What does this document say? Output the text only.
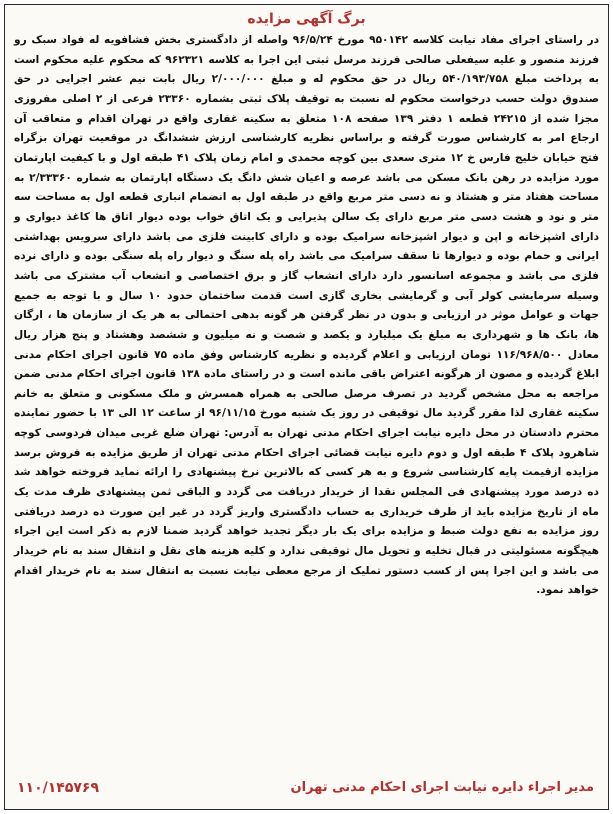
برگ آگهی مزایده

در راستای اجرای مفاد نیابت کلاسه ۹۵۰۱۴۲ مورخ ۹۶/۵/۲۴ واصله از دادگستری بخش فشافویه له فواد سبک رو فرزند منصور و علیه سیفعلی صالحی فرزند مرسل ثبتی این اجرا به کلاسه ۹۶۲۳۲۱ که محکوم علیه محکوم است به پرداخت مبلغ ۵۴۰/۱۹۳/۷۵۸ ریال در حق محکوم له و مبلغ ۲/۰۰۰/۰۰۰ ریال بابت نیم عشر اجرایی در حق صندوق دولت حسب درخواست محکوم له نسبت به توقیف پلاک ثبتی بشماره ۲۳۳۶۰ فرعی از ۲ اصلی مفروزی مجزا شده از ۲۴۲۱۵ قطعه ۱ دفتر ۱۳۹ صفحه ۱۰۸ متعلق به سکینه غفاری واقع در تهران اقدام و متعاقب آن ارجاع امر به کارشناس صورت گرفته و براساس نظریه کارشناسی ارزش ششدانگ در موقعیت تهران بزگراه فتح خیابان خلیج فارس خ ۱۲ متری سعدی بین کوچه محمدی و امام زمان پلاک ۴۱ طبقه اول و با کیفیت اپارتمان مورد مزایده در رهن بانک مسکن می باشد عرصه و اعیان شش دانگ یک دستگاه اپارتمان به شماره ۲/۳۳۳۶۰ به مساحت هفتاد متر و هشتاد و نه دسی متر مربع واقع در طبقه اول به انضمام انباری قطعه اول به مساحت سه متر و نود و هشت دسی متر مربع دارای یک سالن پذیرایی و یک اتاق خواب بوده دیوار اتاق ها کاغذ دیواری و دارای اشپزخانه و اپن و دیوار اشپزخانه سرامیک بوده و دارای کابینت فلزی می باشد دارای سرویس بهداشتی ایرانی و حمام بوده و دیوارها تا سقف سرامیک می باشد راه پله سنگ و دیوار راه پله سنگی بوده و دارای نرده فلزی می باشد و مجموعه اسانسور دارد دارای انشعاب گاز و برق اختصاصی و انشعاب آب مشترک می باشد وسیله سرمایشی کولر آبی و گرمایشی بخاری گازی است قدمت ساختمان حدود ۱۰ سال و با توجه به جمیع جهات و عوامل موثر در ارزیابی و بدون در نظر گرفتن هر گونه بدهی احتمالی به هر یک از سازمان ها ، ارگان ها، بانک ها و شهرداری به مبلغ یک میلیارد و یکصد و شصت و نه میلیون و ششصد وهشتاد و پنج هزار ریال معادل ۱۱۶/۹۶۸/۵۰۰ تومان ارزیابی و اعلام گردیده و نظریه کارشناس وفق ماده ۷۵ قانون اجرای احکام مدنی ابلاغ گردیده و مصون از هرگونه اعتراض باقی مانده است و در راستای ماده ۱۳۸ قانون اجرای احکام مدنی ضمن مراجعه به محل مشخص گردید در تصرف مرصل صالحی به همراه همسرش و ملک مسکونی و متعلق به خانم سکینه غفاری لذا مقرر گردید مال توقیفی در روز یک شنبه مورخ ۹۶/۱۱/۱۵ از ساعت ۱۲ الی ۱۳ با حضور نماینده محترم دادستان در محل دایره نیابت اجرای احکام مدنی تهران به آدرس: تهران ضلع غربی میدان فردوسی کوچه شاهرود پلاک ۴ طبقه اول و دوم دایره نیابت قضائی اجرای احکام مدنی تهران از طریق مزایده به فروش برسد مزایده ازقیمت پایه کارشناسی شروع و به هر کسی که بالاترین نرخ پیشنهادی را ارائه نماید فروخته خواهد شد ده درصد مورد پیشنهادی فی المجلس نقدا از خریدار دریافت می گردد و الباقی ثمن پیشنهادی ظرف مدت یک ماه از تاریخ مزایده باید از طرف خریداری به حساب دادگستری واریز گردد در غیر این صورت ده درصد دریافتی روز مزایده به نفع دولت ضبط و مزایده برای یک بار دیگر تجدید خواهد گردید ضمنا لازم به ذکر است این اجراء هیچگونه مسئولیتی در قبال تخلیه و تحویل مال توقیفی ندارد و کلیه هزینه های نقل و انتقال سند به نام خریدار می باشد و این اجرا پس از کسب دستور تملیک از مرجع معطی نیابت نسبت به انتقال سند به نام خریدار اقدام خواهد نمود.

مدیر اجراء دایره نیابت اجرای احکام مدنی تهران
۱۱۰/۱۴۵۷۶۹
